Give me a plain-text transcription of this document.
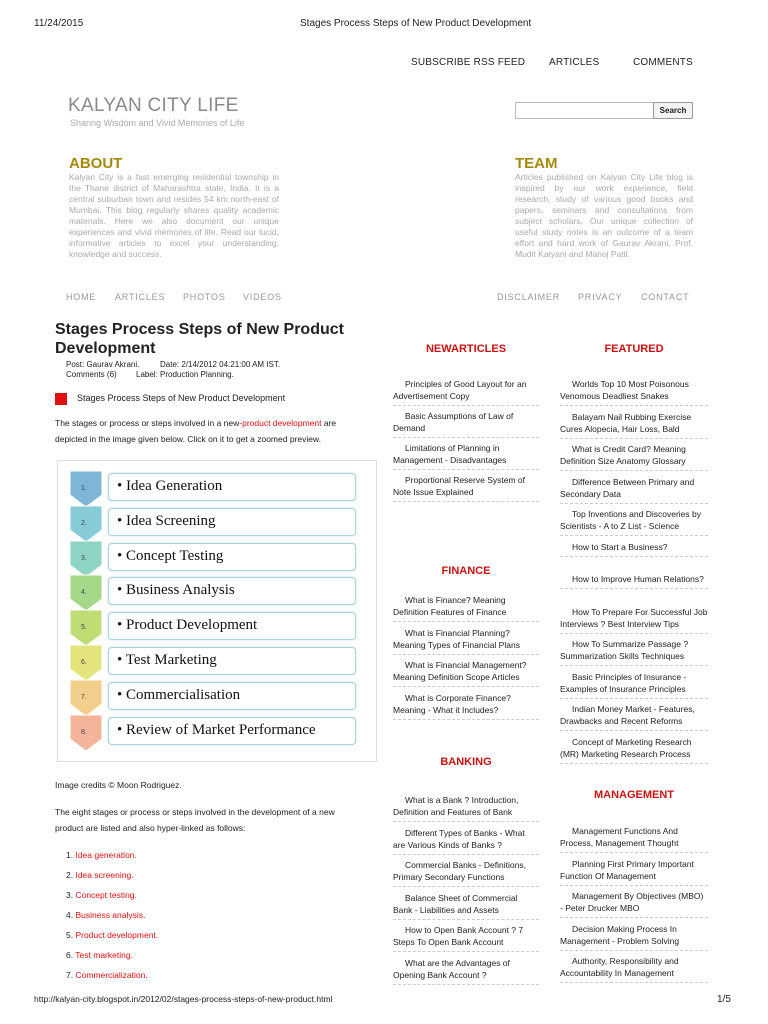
11/24/2015	Stages Process Steps of New Product Development
SUBSCRIBE RSS FEED ARTICLES	COMMENTS
KALYAN CITY LIFE
Sharing Wisdom and Vivid Memories of Life
Search
ABOUT
Kalyan City is a fast emerging residential township in the Thane district of Maharashtra state, India. It is a central suburban town and resides 54 km north-east of Mumbai. This blog regularly shares quality academic materials. Here we also document our unique experiences and vivid memories of life. Read our lucid, informative articles to excel your understanding, knowledge and success.
TEAM
Articles published on Kalyan City Life blog is inspired by our work experience, field research, study of various good books and papers, seminars and consultations from subject scholars. Our unique collection of useful study notes is an outcome of a team effort and hard work of Gaurav Akrani, Prof. Mudit Katyani and Manoj Patil.
HOME ARTICLES PHOTOS VIDEOS	DISCLAIMER PRIVACY CONTACT
Stages Process Steps of New Product Development
Post: Gaurav Akrani.	Date: 2/14/2012 04:21:00 AM IST.
Comments (6) Label: Production Planning.
Stages Process Steps of New Product Development
The stages or process or steps involved in a new-product development are
depicted in the image given below. Click on it to get a zoomed preview.
1. • Idea Generation
2. • Idea Screening
3. • Concept Testing
4. • Business Analysis
5. • Product Development
6. • Test Marketing
7. • Commercialisation
8. • Review of Market Performance
Image credits © Moon Rodriguez.
The eight stages or process or steps involved in the development of a new
product are listed and also hyper-linked as follows:
1. Idea generation.
2. Idea screening.
3. Concept testing.
4. Business analysis.
5. Product development.
6. Test marketing.
7. Commercialization.
NEWARTICLES
Principles of Good Layout for an Advertisement Copy
Basic Assumptions of Law of Demand
Limitations of Planning in Management - Disadvantages
Proportional Reserve System of Note Issue Explained
FINANCE
What is Finance? Meaning Definition Features of Finance
What is Financial Planning? Meaning Types of Financial Plans
What is Financial Management? Meaning Definition Scope Articles
What is Corporate Finance? Meaning - What it Includes?
BANKING
What is a Bank ? Introduction, Definition and Features of Bank
Different Types of Banks - What are Various Kinds of Banks ?
Commercial Banks - Definitions, Primary Secondary Functions
Balance Sheet of Commercial Bank - Liabilities and Assets
How to Open Bank Account ? 7 Steps To Open Bank Account
What are the Advantages of Opening Bank Account ?
FEATURED
Worlds Top 10 Most Poisonous Venomous Deadliest Snakes
Balayam Nail Rubbing Exercise Cures Alopecia, Hair Loss, Bald
What is Credit Card? Meaning Definition Size Anatomy Glossary
Difference Between Primary and Secondary Data
Top Inventions and Discoveries by Scientists - A to Z List - Science
How to Start a Business?
How to Improve Human Relations?
How To Prepare For Successful Job Interviews ? Best Interview Tips
How To Summarize Passage ? Summarization Skills Techniques
Basic Principles of Insurance - Examples of Insurance Principles
Indian Money Market - Features, Drawbacks and Recent Reforms
Concept of Marketing Research (MR) Marketing Research Process
MANAGEMENT
Management Functions And Process, Management Thought
Planning First Primary Important Function Of Management
Management By Objectives (MBO) - Peter Drucker MBO
Decision Making Process In Management - Problem Solving
Authority, Responsibility and Accountability In Management
http://kalyan-city.blogspot.in/2012/02/stages-process-steps-of-new-product.html	1/5
